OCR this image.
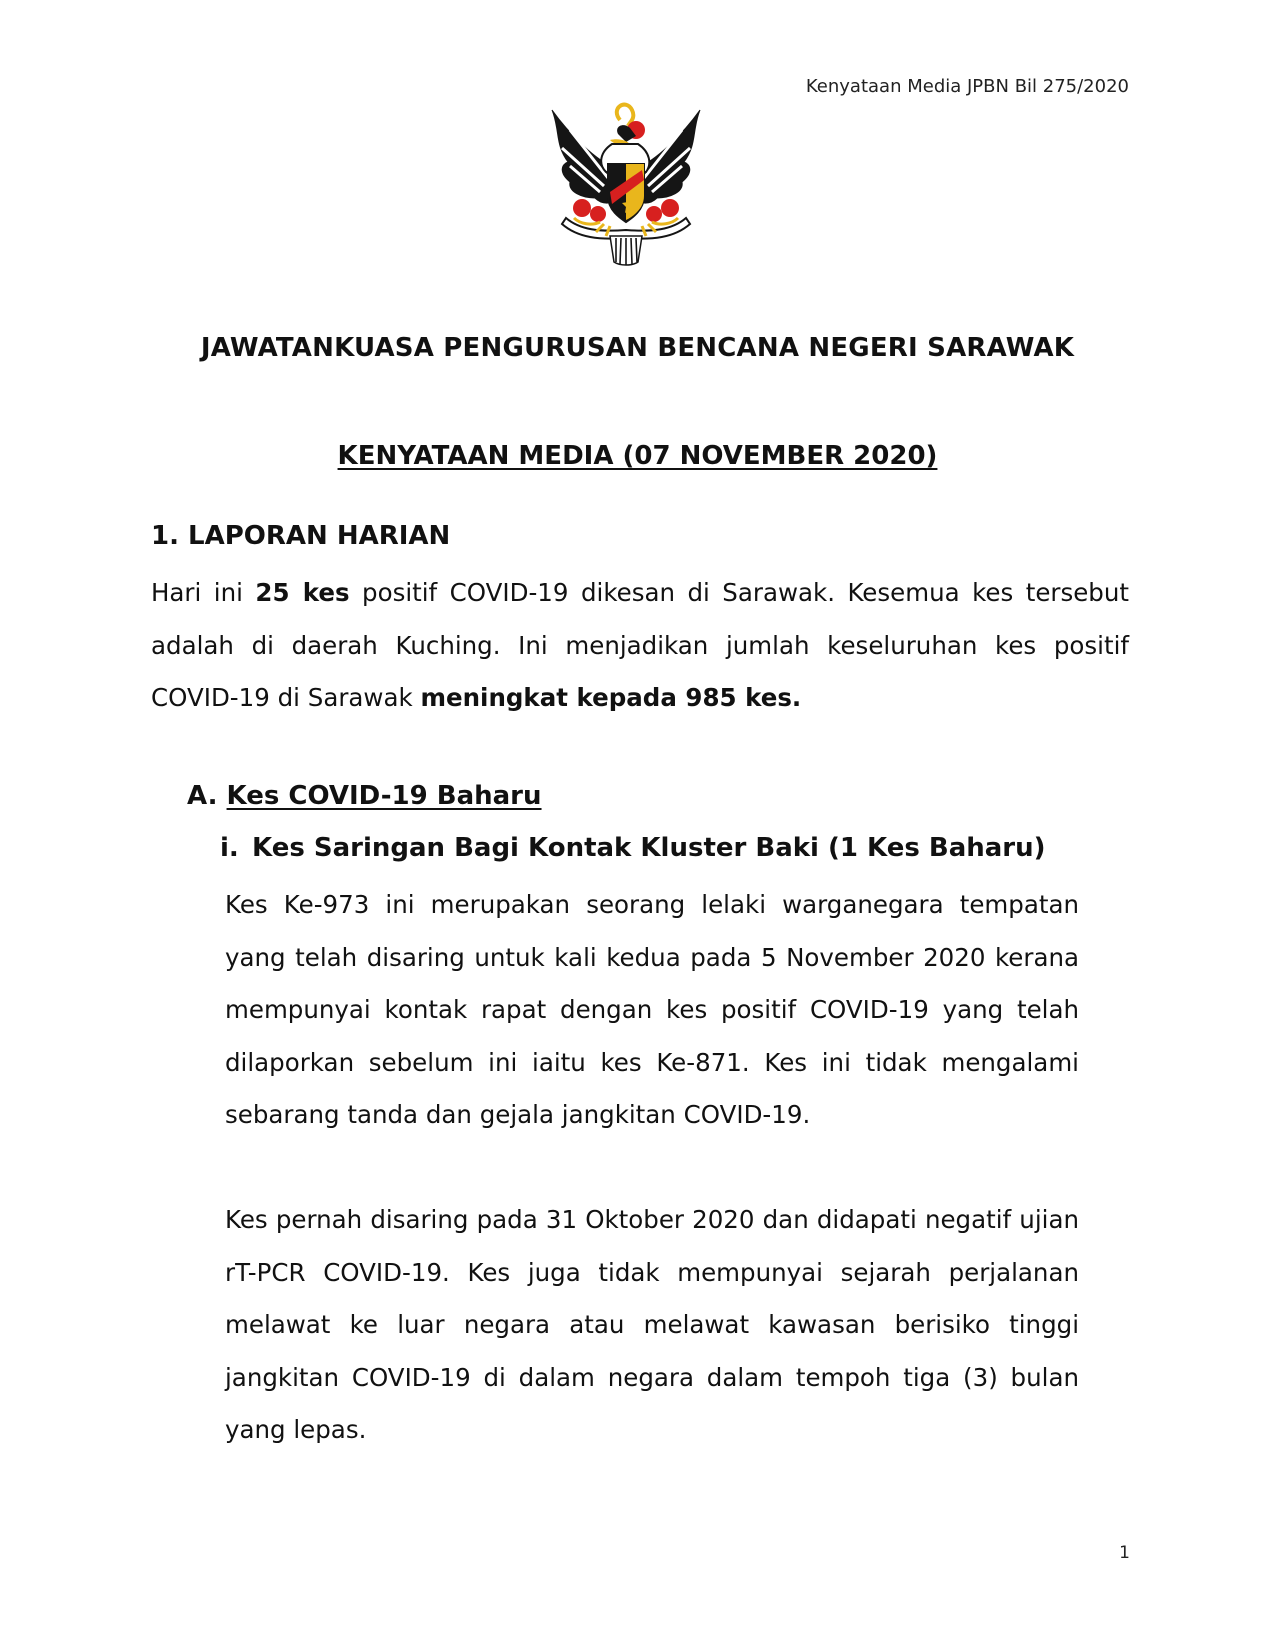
Kenyataan Media JPBN Bil 275/2020
JAWATANKUASA PENGURUSAN BENCANA NEGERI SARAWAK
KENYATAAN MEDIA (07 NOVEMBER 2020)
1. LAPORAN HARIAN
Hari ini 25 kes positif COVID-19 dikesan di Sarawak. Kesemua kes tersebut adalah di daerah Kuching. Ini menjadikan jumlah keseluruhan kes positif COVID-19 di Sarawak meningkat kepada 985 kes.
A. Kes COVID-19 Baharu
i. Kes Saringan Bagi Kontak Kluster Baki (1 Kes Baharu)
Kes Ke-973 ini merupakan seorang lelaki warganegara tempatan yang telah disaring untuk kali kedua pada 5 November 2020 kerana mempunyai kontak rapat dengan kes positif COVID-19 yang telah dilaporkan sebelum ini iaitu kes Ke-871. Kes ini tidak mengalami sebarang tanda dan gejala jangkitan COVID-19.
Kes pernah disaring pada 31 Oktober 2020 dan didapati negatif ujian rT-PCR COVID-19. Kes juga tidak mempunyai sejarah perjalanan melawat ke luar negara atau melawat kawasan berisiko tinggi jangkitan COVID-19 di dalam negara dalam tempoh tiga (3) bulan yang lepas.
1
